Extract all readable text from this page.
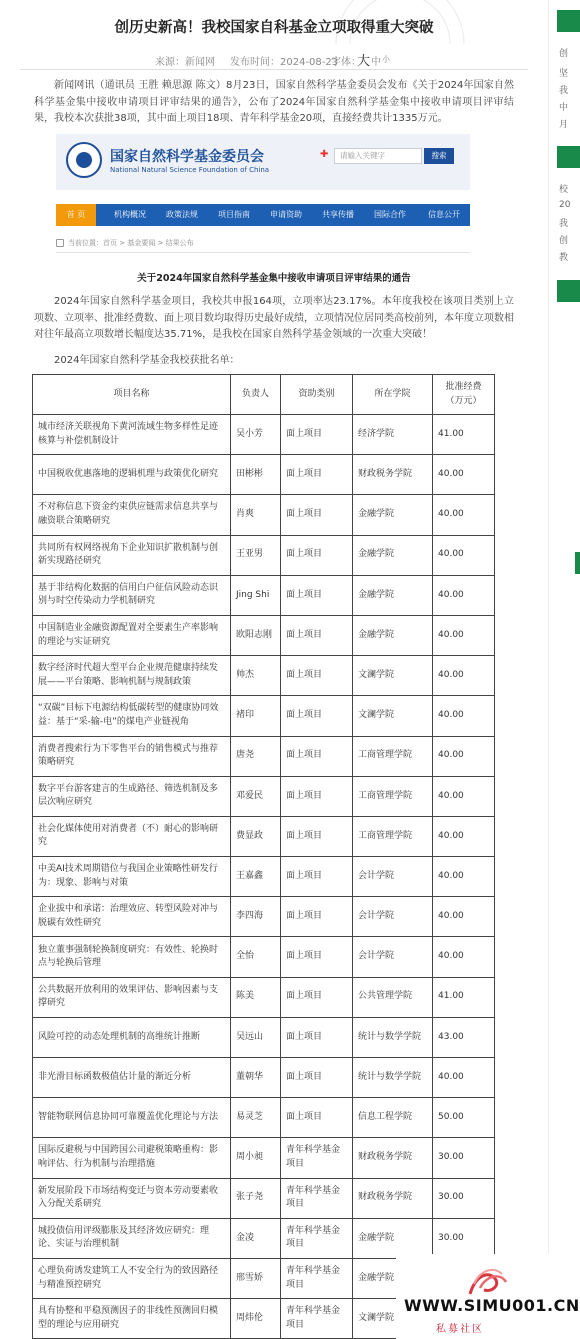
创历史新高！我校国家自科基金立项取得重大突破
来源：新闻网 发布时间：2024-08-23
字体：
大 中 小
新闻网讯（通讯员 王胜 赖思源 陈文）8月23日，国家自然科学基金委员会发布《关于2024年国家自然科学基金集中接收申请项目评审结果的通告》，公布了2024年国家自然科学基金集中接收申请项目评审结果，我校本次获批38项，其中面上项目18项、青年科学基金20项，直接经费共计1335万元。
国家自然科学基金委员会
National Natural Science Foundation of China
✚	请输入关键字	搜索
首 页	机构概况	政策法规	项目指南	申请资助	共享传播	国际合作	信息公开
当前位置：首页 > 基金要闻 > 结果公布
关于2024年国家自然科学基金集中接收申请项目评审结果的通告
2024年国家自然科学基金项目，我校共申报164项，立项率达23.17%。本年度我校在该项目类别上立项数、立项率、批准经费数、面上项目数均取得历史最好成绩，立项情况位居同类高校前列，本年度立项数相对往年最高立项数增长幅度达35.71%，是我校在国家自然科学基金领域的一次重大突破！
2024年国家自然科学基金我校获批名单：
项目名称	负责人	资助类别	所在学院	批准经费（万元）
城市经济关联视角下黄河流域生物多样性足迹核算与补偿机制设计	吴小芳	面上项目	经济学院	41.00
中国税收优惠落地的逻辑机理与政策优化研究	田彬彬	面上项目	财政税务学院	40.00
不对称信息下资金约束供应链需求信息共享与融资联合策略研究	肖爽	面上项目	金融学院	40.00
共同所有权网络视角下企业知识扩散机制与创新实现路径研究	王亚男	面上项目	金融学院	40.00
基于非结构化数据的信用白户征信风险动态识别与时空传染动力学机制研究	Jing Shi	面上项目	金融学院	40.00
中国制造业金融资源配置对全要素生产率影响的理论与实证研究	欧阳志刚	面上项目	金融学院	40.00
数字经济时代超大型平台企业规范健康持续发展——平台策略、影响机制与规制政策	帅杰	面上项目	文澜学院	40.00
“双碳”目标下电源结构低碳转型的健康协同效益：基于“采-输-电”的煤电产业链视角	褚印	面上项目	文澜学院	40.00
消费者搜索行为下零售平台的销售模式与推荐策略研究	唐尧	面上项目	工商管理学院	40.00
数字平台游客建言的生成路径、筛选机制及多层次响应研究	邓爱民	面上项目	工商管理学院	40.00
社会化媒体使用对消费者（不）耐心的影响研究	费显政	面上项目	工商管理学院	40.00
中美AI技术周期错位与我国企业策略性研发行为：现象、影响与对策	王嘉鑫	面上项目	会计学院	40.00
企业拔中和承诺：治理效应、转型风险对冲与脱碳有效性研究	李四海	面上项目	会计学院	40.00
独立董事强制轮换制度研究：有效性、轮换时点与轮换后管理	全怡	面上项目	会计学院	40.00
公共数据开放利用的效果评估、影响因素与支撑研究	陈美	面上项目	公共管理学院	41.00
风险可控的动态处理机制的高维统计推断	吴远山	面上项目	统计与数学学院	43.00
非光滑目标函数极值估计量的渐近分析	董朝华	面上项目	统计与数学学院	40.00
智能物联网信息协同可靠覆盖优化理论与方法	易灵芝	面上项目	信息工程学院	50.00
国际反避税与中国跨国公司避税策略重构：影响评估、行为机制与治理措施	周小昶	青年科学基金项目	财政税务学院	30.00
新发展阶段下市场结构变迁与资本劳动要素收入分配关系研究	张子尧	青年科学基金项目	财政税务学院	30.00
城投债信用评级膨胀及其经济效应研究：理论、实证与治理机制	金凌	青年科学基金项目	金融学院	30.00
心理负荷诱发建筑工人不安全行为的致因路径与精准预控研究	邢雪娇	青年科学基金项目	金融学院	
具有协整和平稳预测因子的非线性预测回归模型的理论与应用研究	周炜伦	青年科学基金项目	文澜学院	
创
坚
我
中
月
校
20
我
创
教
WWW.SIMU001.CN
私募社区
